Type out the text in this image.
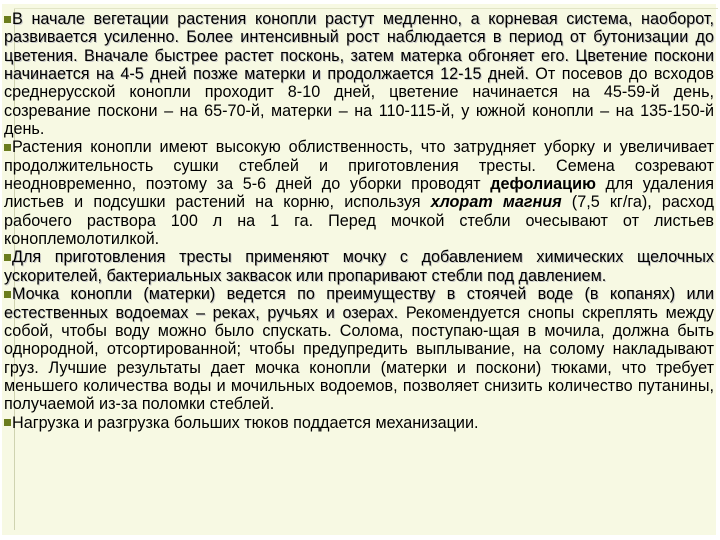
В начале вегетации растения конопли растут медленно, а корневая система, наоборот, развивается усиленно. Более интенсивный рост наблюдается в период от бутонизации до цветения. Вначале быстрее растет посконь, затем матерка обгоняет его. Цветение поскони начинается на 4-5 дней позже матерки и продолжается 12-15 дней. От посевов до всходов среднерусской конопли проходит 8-10 дней, цветение начинается на 45-59-й день, созревание поскони – на 65-70-й, матерки – на 110-115-й, у южной конопли – на 135-150-й день.

Растения конопли имеют высокую облиственность, что затрудняет уборку и увеличивает продолжительность сушки стеблей и приготовления тресты. Семена созревают неодновременно, поэтому за 5-6 дней до уборки проводят дефолиацию для удаления листьев и подсушки растений на корню, используя хлорат магния (7,5 кг/га), расход рабочего раствора 100 л на 1 га. Перед мочкой стебли очесывают от листьев коноплемолотилкой.

Для приготовления тресты применяют мочку с добавлением химических щелочных ускорителей, бактериальных заквасок или пропаривают стебли под давлением.

Мочка конопли (матерки) ведется по преимуществу в стоячей воде (в копанях) или естественных водоемах – реках, ручьях и озерах. Рекомендуется снопы скреплять между собой, чтобы воду можно было спускать. Солома, поступаю-щая в мочила, должна быть однородной, отсортированной; чтобы предупредить выплывание, на солому накладывают груз. Лучшие результаты дает мочка конопли (матерки и поскони) тюками, что требует меньшего количества воды и мочильных водоемов, позволяет снизить количество путанины, получаемой из-за поломки стеблей.

Нагрузка и разгрузка больших тюков поддается механизации.
